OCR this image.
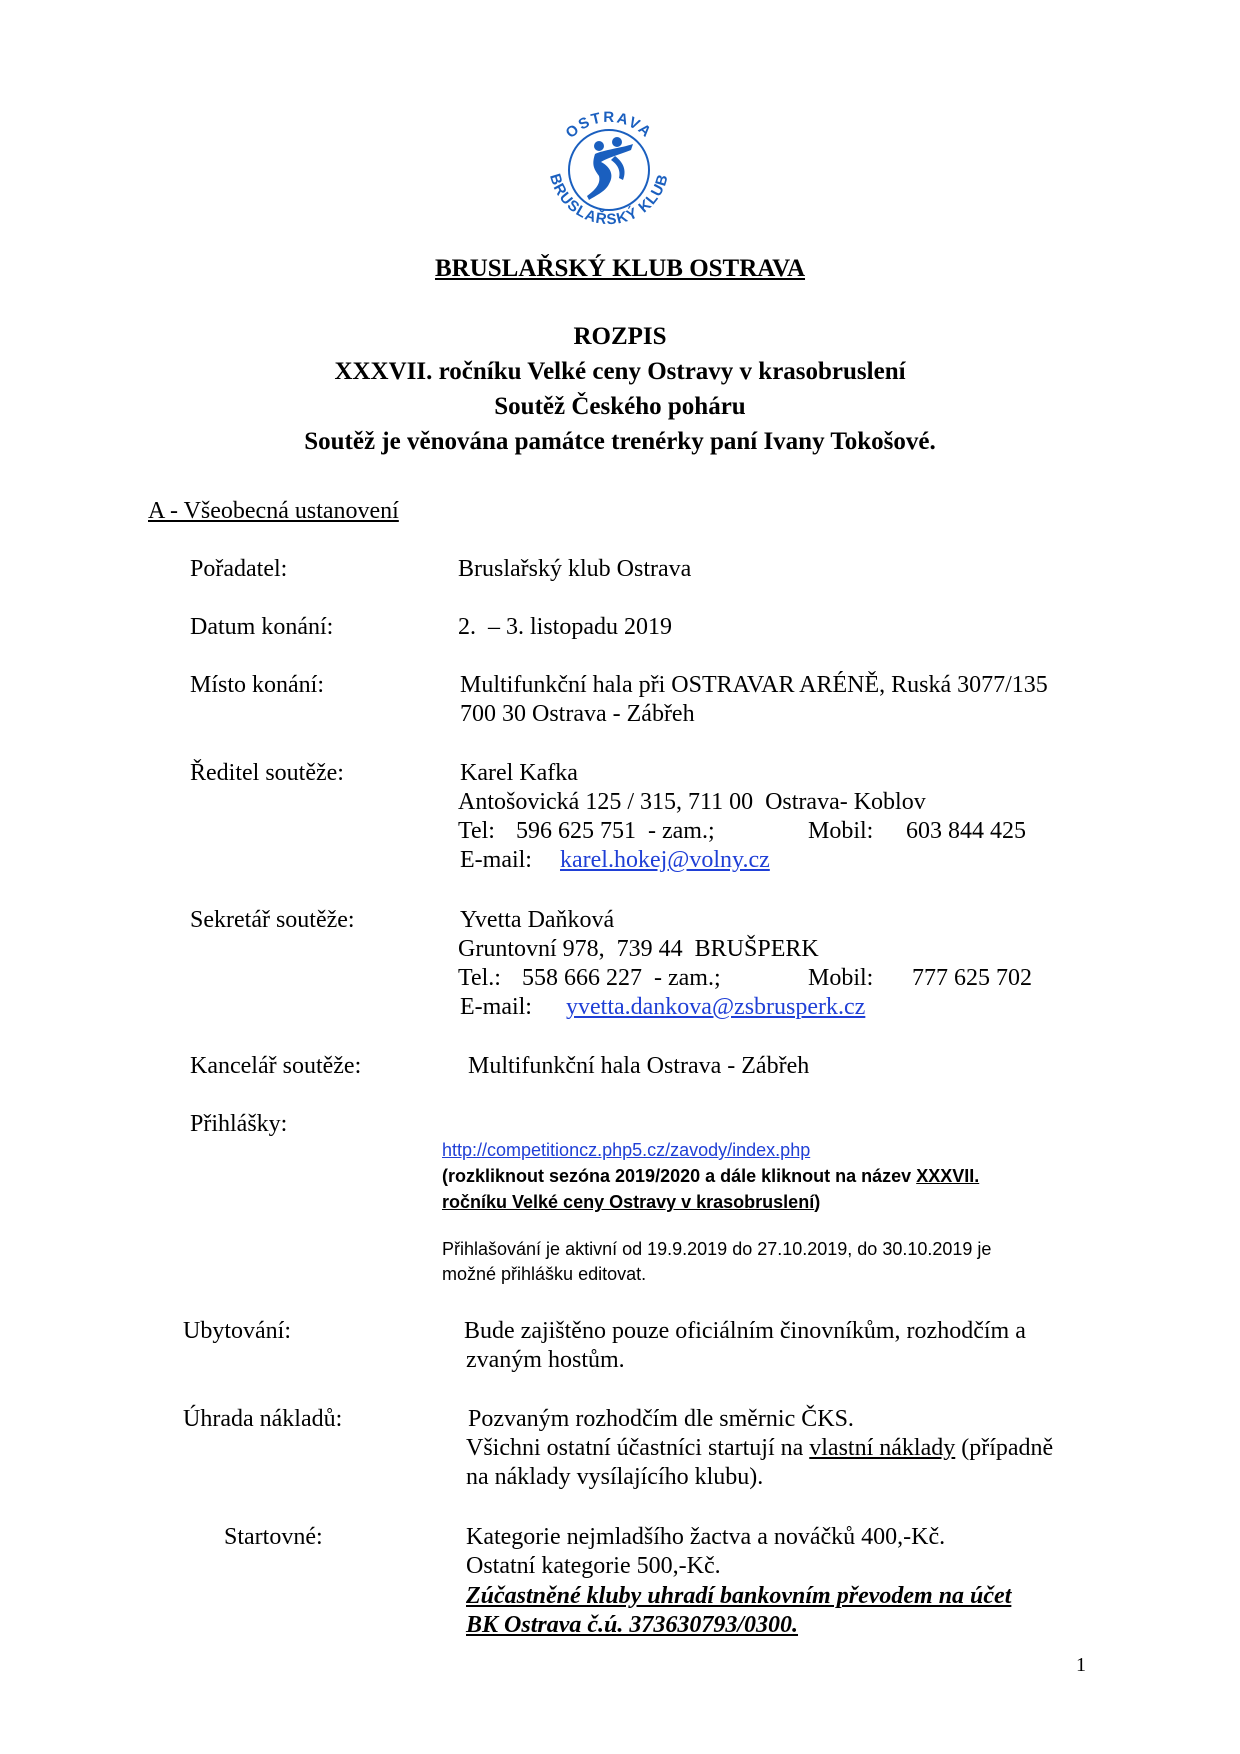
OSTRAVA
BRUSLAŘSKÝ KLUB
BRUSLAŘSKÝ KLUB OSTRAVA
ROZPIS
XXXVII. ročníku Velké ceny Ostravy v krasobruslení
Soutěž Českého poháru
Soutěž je věnována památce trenérky paní Ivany Tokošové.
A - Všeobecná ustanovení
Pořadatel:	Bruslařský klub Ostrava
Datum konání:	2.  – 3. listopadu 2019
Místo konání:	Multifunkční hala při OSTRAVAR ARÉNĚ, Ruská 3077/135
700 30 Ostrava - Zábřeh
Ředitel soutěže:	Karel Kafka
Antošovická 125 / 315, 711 00  Ostrava- Koblov
Tel: 596 625 751  - zam.;	Mobil: 603 844 425
E-mail: karel.hokej@volny.cz
Sekretář soutěže:	Yvetta Daňková
Gruntovní 978,  739 44  BRUŠPERK
Tel.: 558 666 227  - zam.;	Mobil: 777 625 702
E-mail: yvetta.dankova@zsbrusperk.cz
Kancelář soutěže:	Multifunkční hala Ostrava - Zábřeh
Přihlášky:
http://competitioncz.php5.cz/zavody/index.php
(rozkliknout sezóna 2019/2020 a dále kliknout na název XXXVII.
ročníku Velké ceny Ostravy v krasobruslení)
Přihlašování je aktivní od 19.9.2019 do 27.10.2019, do 30.10.2019 je
možné přihlášku editovat.
Ubytování:	Bude zajištěno pouze oficiálním činovníkům, rozhodčím a
zvaným hostům.
Úhrada nákladů:	Pozvaným rozhodčím dle směrnic ČKS.
Všichni ostatní účastníci startují na vlastní náklady (případně
na náklady vysílajícího klubu).
Startovné:	Kategorie nejmladšího žactva a nováčků 400,-Kč.
Ostatní kategorie 500,-Kč.
Zúčastněné kluby uhradí bankovním převodem na účet
BK Ostrava č.ú. 373630793/0300.
1
